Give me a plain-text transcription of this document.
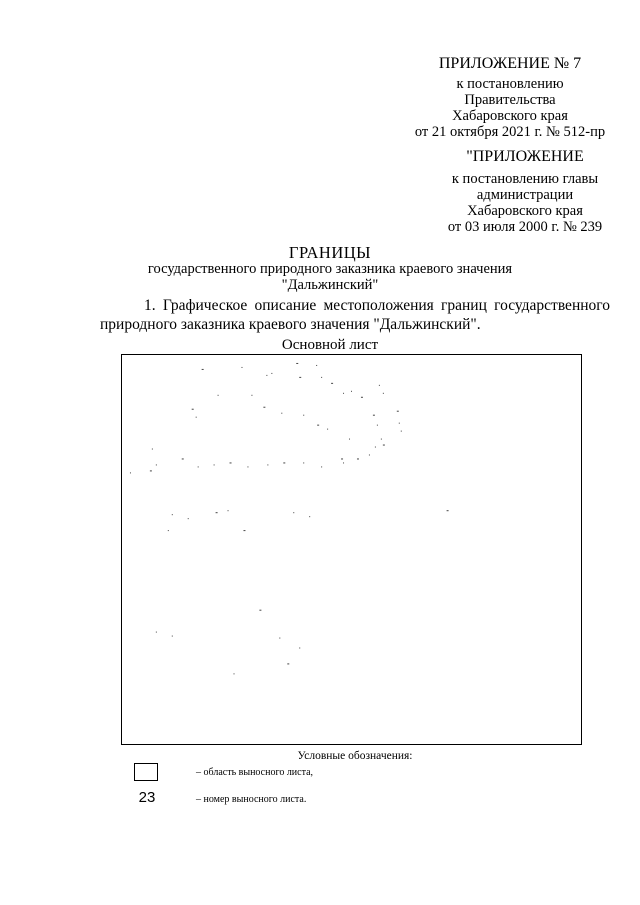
ПРИЛОЖЕНИЕ № 7
к постановлению
Правительства
Хабаровского края
от 21 октября 2021 г. № 512-пр
"ПРИЛОЖЕНИЕ
к постановлению главы
администрации
Хабаровского края
от 03 июля 2000 г. № 239
ГРАНИЦЫ
государственного природного заказника краевого значения
"Дальжинский"
1. Графическое описание местоположения границ государственного природного заказника краевого значения "Дальжинский".
Основной лист
Условные обозначения:
– область выносного листа,
23	– номер выносного листа.
